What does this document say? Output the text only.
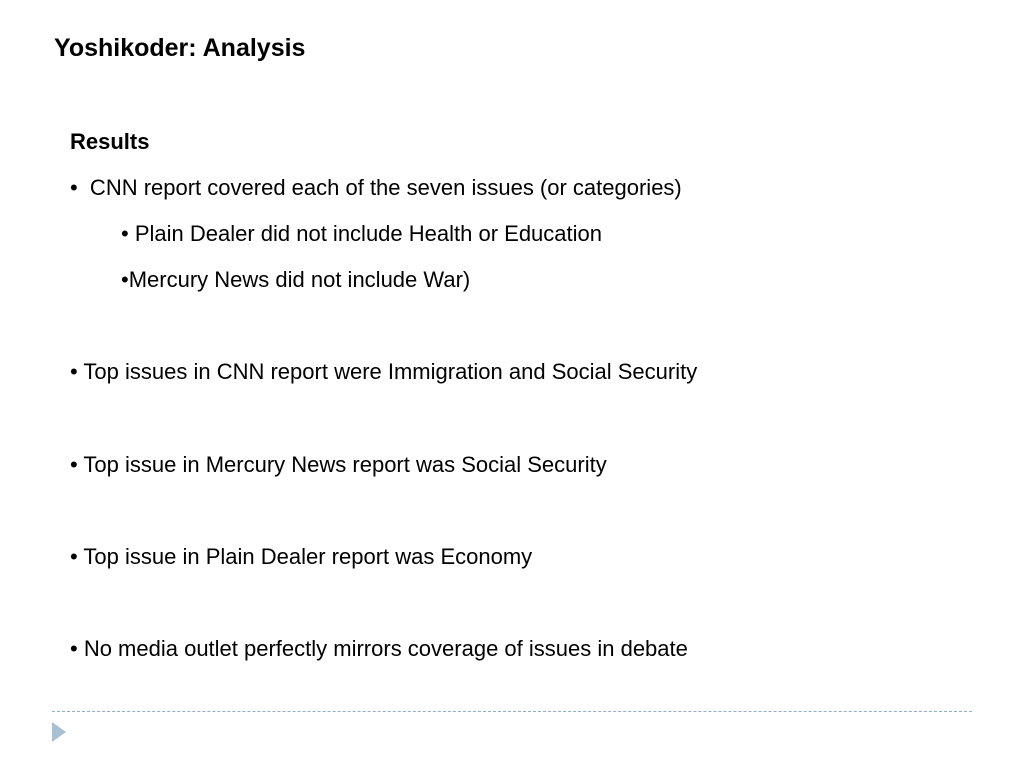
Yoshikoder: Analysis
Results
•  CNN report covered each of the seven issues (or categories)
• Plain Dealer did not include Health or Education
•Mercury News did not include War)
• Top issues in CNN report were Immigration and Social Security
• Top issue in Mercury News report was Social Security
• Top issue in Plain Dealer report was Economy
• No media outlet perfectly mirrors coverage of issues in debate
